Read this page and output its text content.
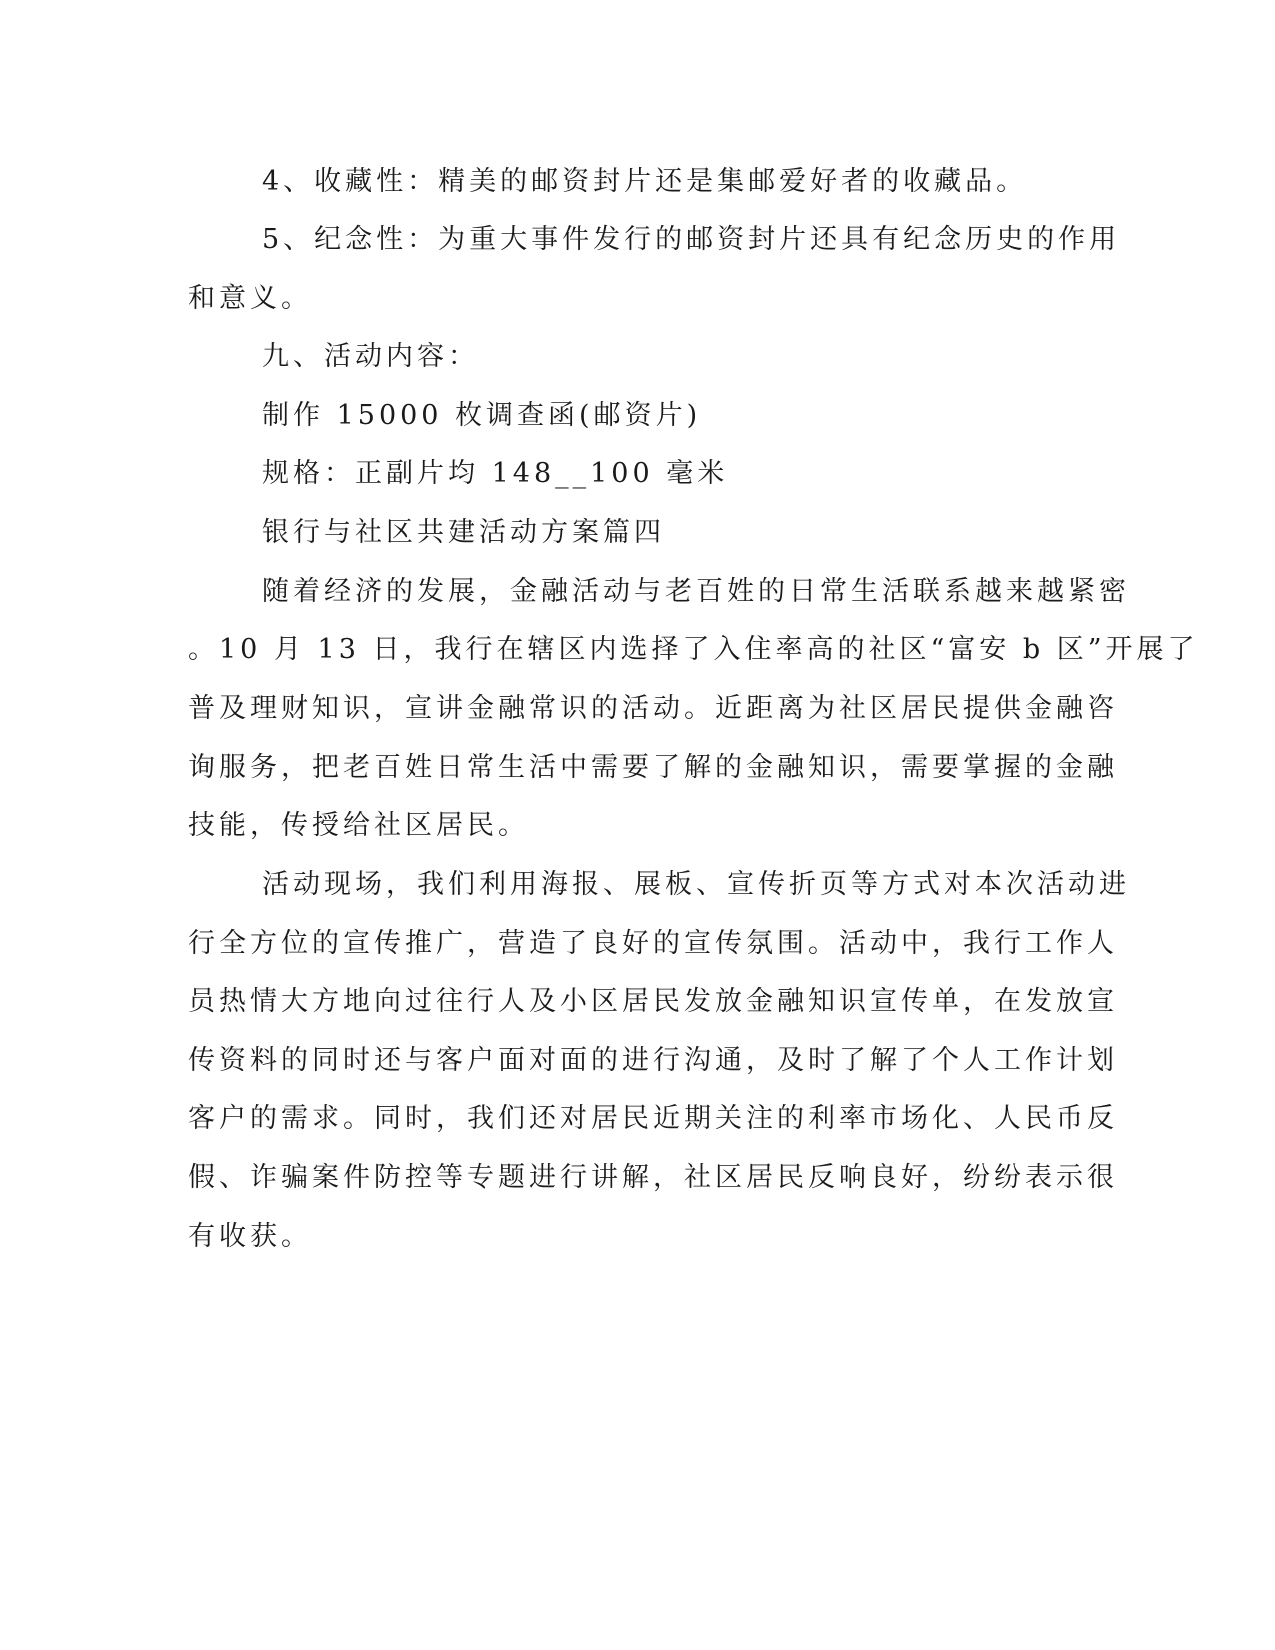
4、收藏性：精美的邮资封片还是集邮爱好者的收藏品。
5、纪念性：为重大事件发行的邮资封片还具有纪念历史的作用
和意义。
九、活动内容：
制作 15000 枚调查函(邮资片)
规格：正副片均 148__100 毫米
银行与社区共建活动方案篇四
随着经济的发展，金融活动与老百姓的日常生活联系越来越紧密
。10 月 13 日，我行在辖区内选择了入住率高的社区“富安 b 区”开展了
普及理财知识，宣讲金融常识的活动。近距离为社区居民提供金融咨
询服务，把老百姓日常生活中需要了解的金融知识，需要掌握的金融
技能，传授给社区居民。
活动现场，我们利用海报、展板、宣传折页等方式对本次活动进
行全方位的宣传推广，营造了良好的宣传氛围。活动中，我行工作人
员热情大方地向过往行人及小区居民发放金融知识宣传单，在发放宣
传资料的同时还与客户面对面的进行沟通，及时了解了个人工作计划
客户的需求。同时，我们还对居民近期关注的利率市场化、人民币反
假、诈骗案件防控等专题进行讲解，社区居民反响良好，纷纷表示很
有收获。
